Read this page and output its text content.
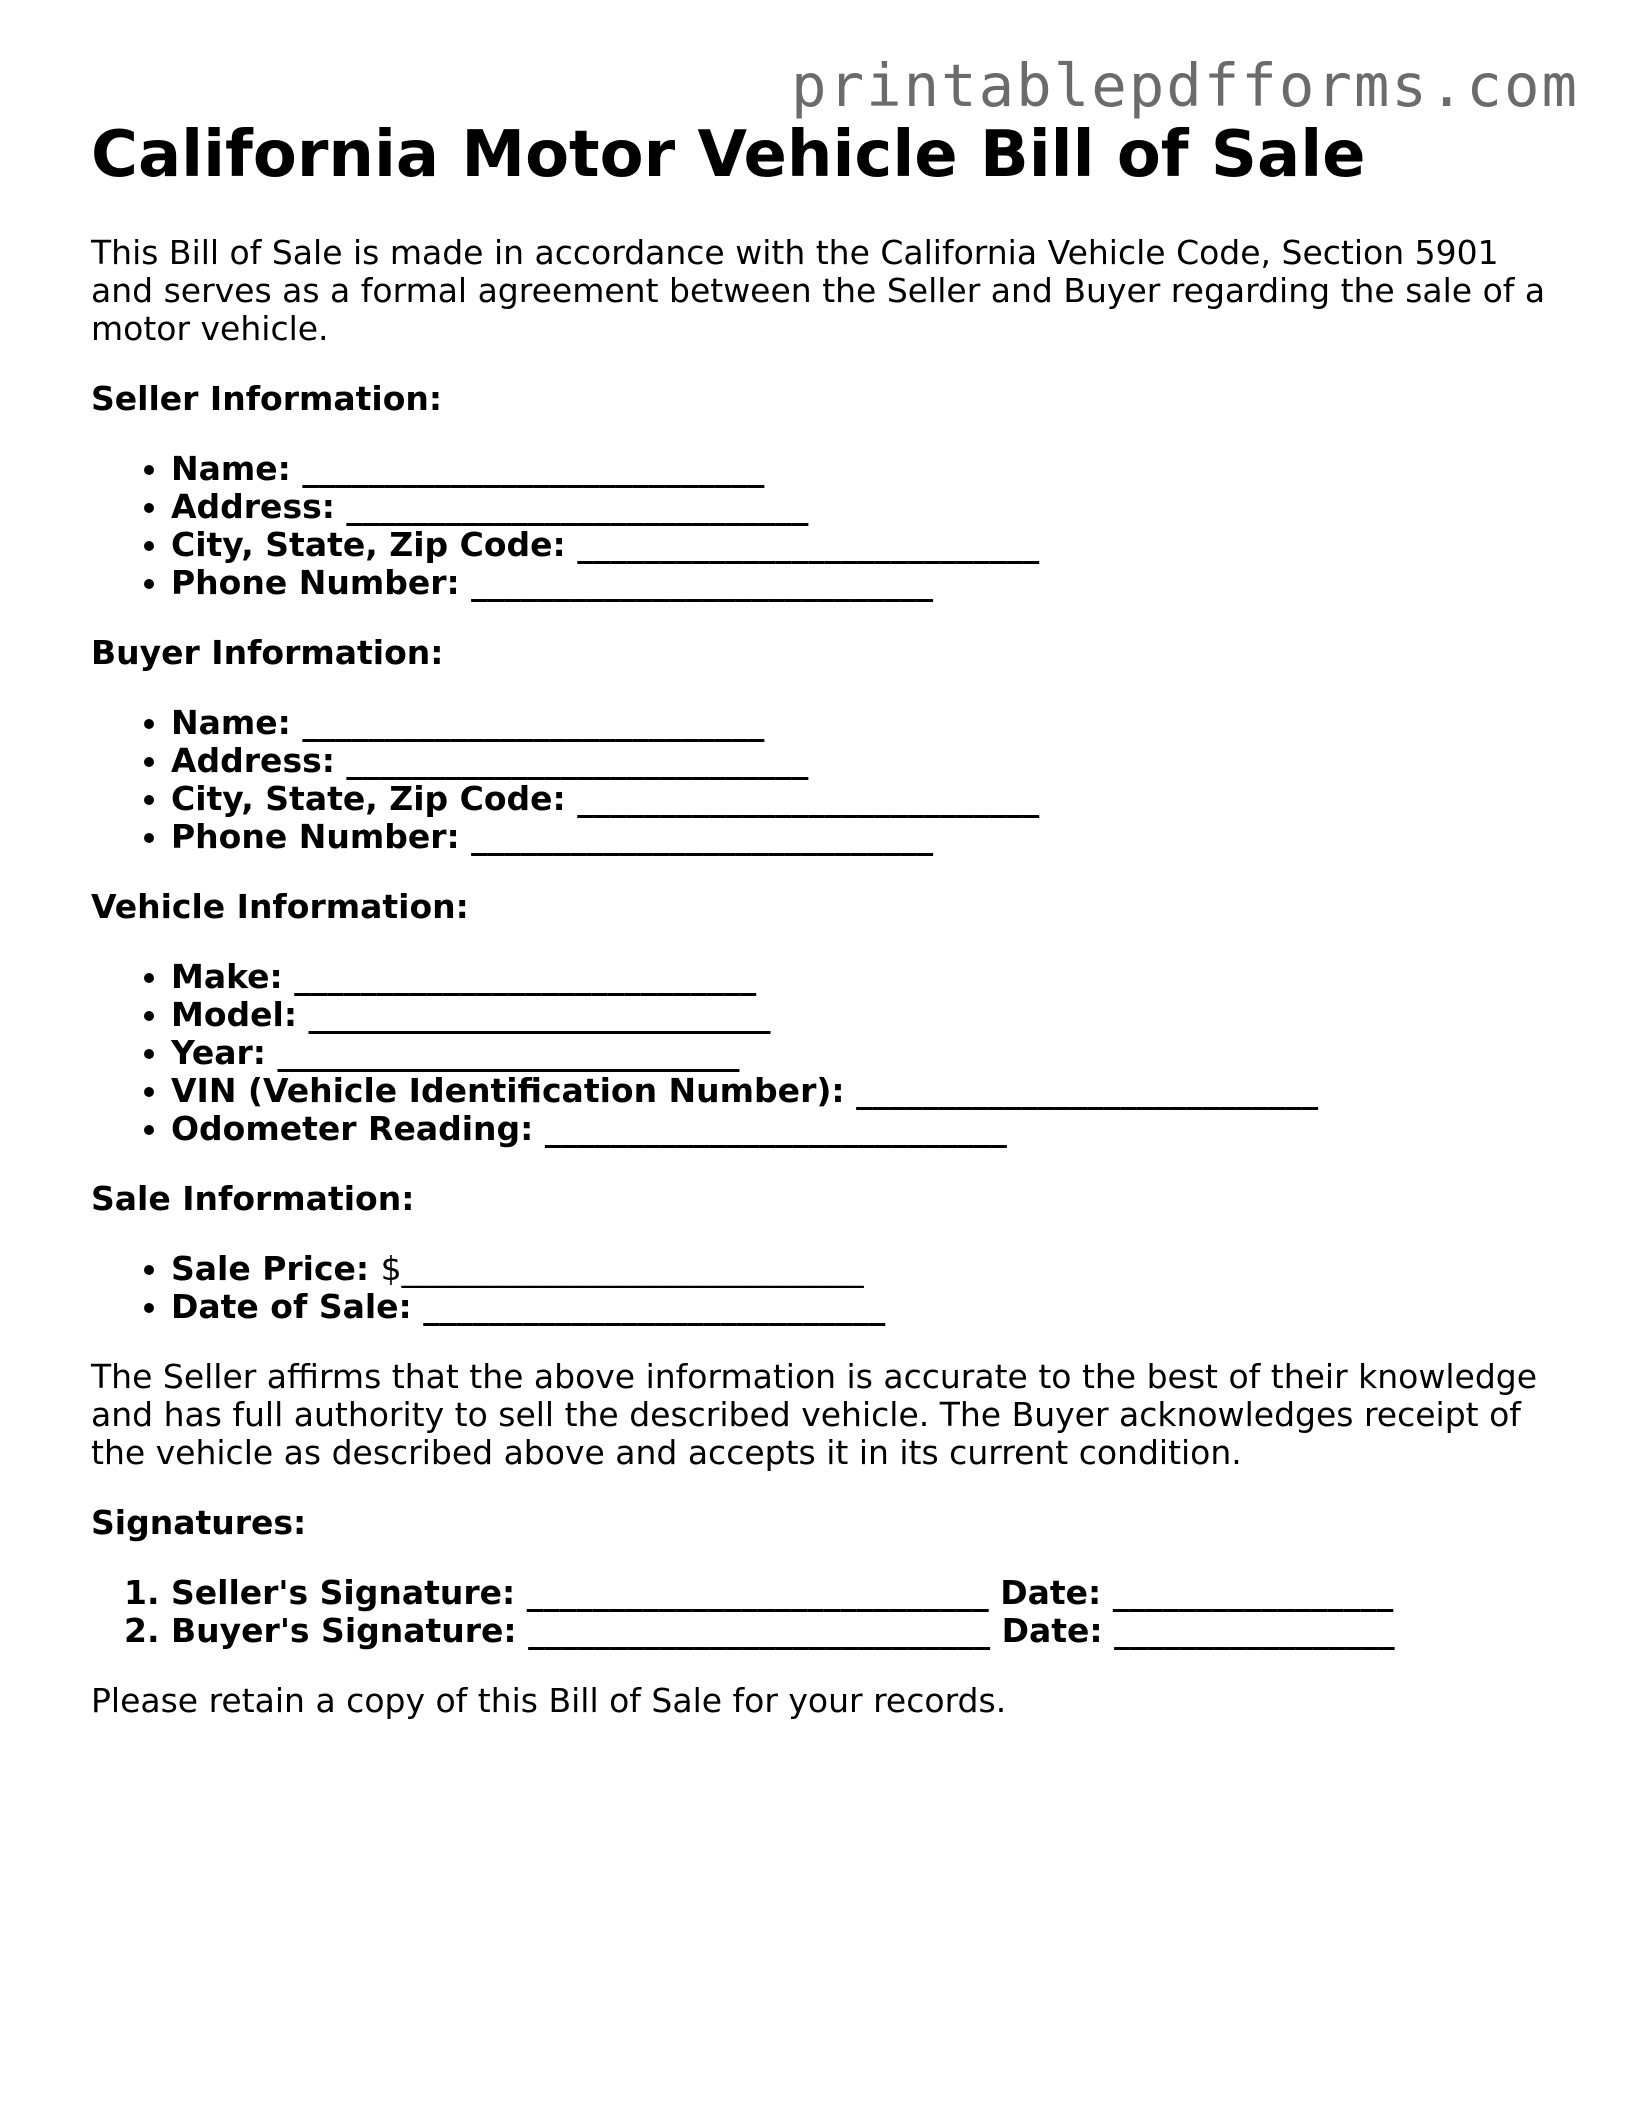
printablepdfforms.com
California Motor Vehicle Bill of Sale

This Bill of Sale is made in accordance with the California Vehicle Code, Section 5901 and serves as a formal agreement between the Seller and Buyer regarding the sale of a motor vehicle.

Seller Information:
• Name: ____________________________
• Address: ____________________________
• City, State, Zip Code: ____________________________
• Phone Number: ____________________________
Buyer Information:
• Name: ____________________________
• Address: ____________________________
• City, State, Zip Code: ____________________________
• Phone Number: ____________________________
Vehicle Information:
• Make: ____________________________
• Model: ____________________________
• Year: ____________________________
• VIN (Vehicle Identification Number): ____________________________
• Odometer Reading: ____________________________
Sale Information:
• Sale Price: $____________________________
• Date of Sale: ____________________________

The Seller affirms that the above information is accurate to the best of their knowledge and has full authority to sell the described vehicle. The Buyer acknowledges receipt of the vehicle as described above and accepts it in its current condition.

Signatures:
1. Seller's Signature: ____________________________ Date: _________________
2. Buyer's Signature: ____________________________ Date: _________________

Please retain a copy of this Bill of Sale for your records.
